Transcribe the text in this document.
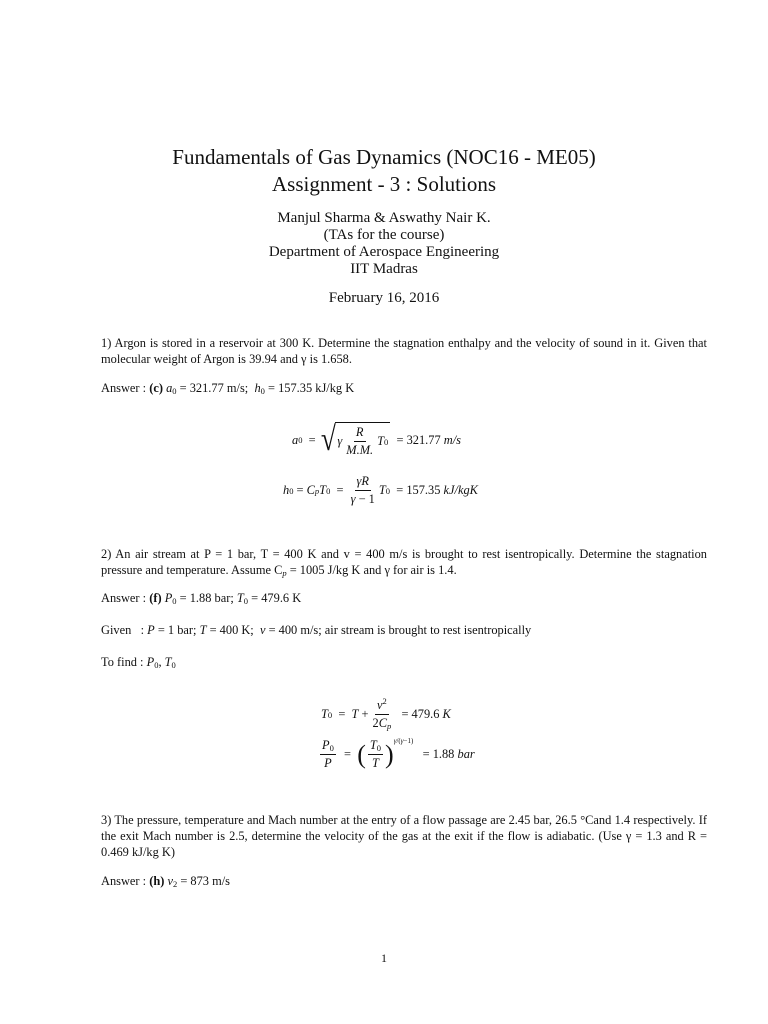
Fundamentals of Gas Dynamics (NOC16 - ME05)
Assignment - 3 : Solutions
Manjul Sharma & Aswathy Nair K.
(TAs for the course)
Department of Aerospace Engineering
IIT Madras
February 16, 2016
1) Argon is stored in a reservoir at 300 K. Determine the stagnation enthalpy and the velocity of sound in it. Given that molecular weight of Argon is 39.94 and γ is 1.658.
Answer : (c) $a_0 = 321.77$ m/s; $h_0 = 157.35$ kJ/kg K
a 0 = √ γ $\frac{R}{M.M.}$ T 0
= 321.77
m/s
h 0 = C p T $0 = \frac{\gamma R}{\gamma - 1}$ T 0
= 157.35
kJ/kgK
2) An air stream at P = 1 bar, T = 400 K and v = 400 m/s is brought to rest isentropically. Determine the stagnation pressure and temperature. Assume $C_p = 1005$ J/kg K and γ for air is 1.4.
Answer : (f) $P_0 = 1.88$ bar; $T_0 = 479.6$ K
Given   : P = 1 bar; T = 400 K; v = 400 m/s; air stream is brought to rest isentropically
To find : $P_0$, $T_0$
T $0 = T + \frac{v^2}{2C_p}$
= 479.6
K
$\frac{P_0}{P}$ = ( $\frac{T_0}{T}$ ) γ/(γ−1)

= 1.88
bar
3) The pressure, temperature and Mach number at the entry of a flow passage are 2.45 bar, 26.5 °Cand 1.4 respectively. If the exit Mach number is 2.5, determine the velocity of the gas at the exit if the flow is adiabatic. (Use γ = 1.3 and R = 0.469 kJ/kg K)
Answer : (h) $v_2 = 873$ m/s
1
